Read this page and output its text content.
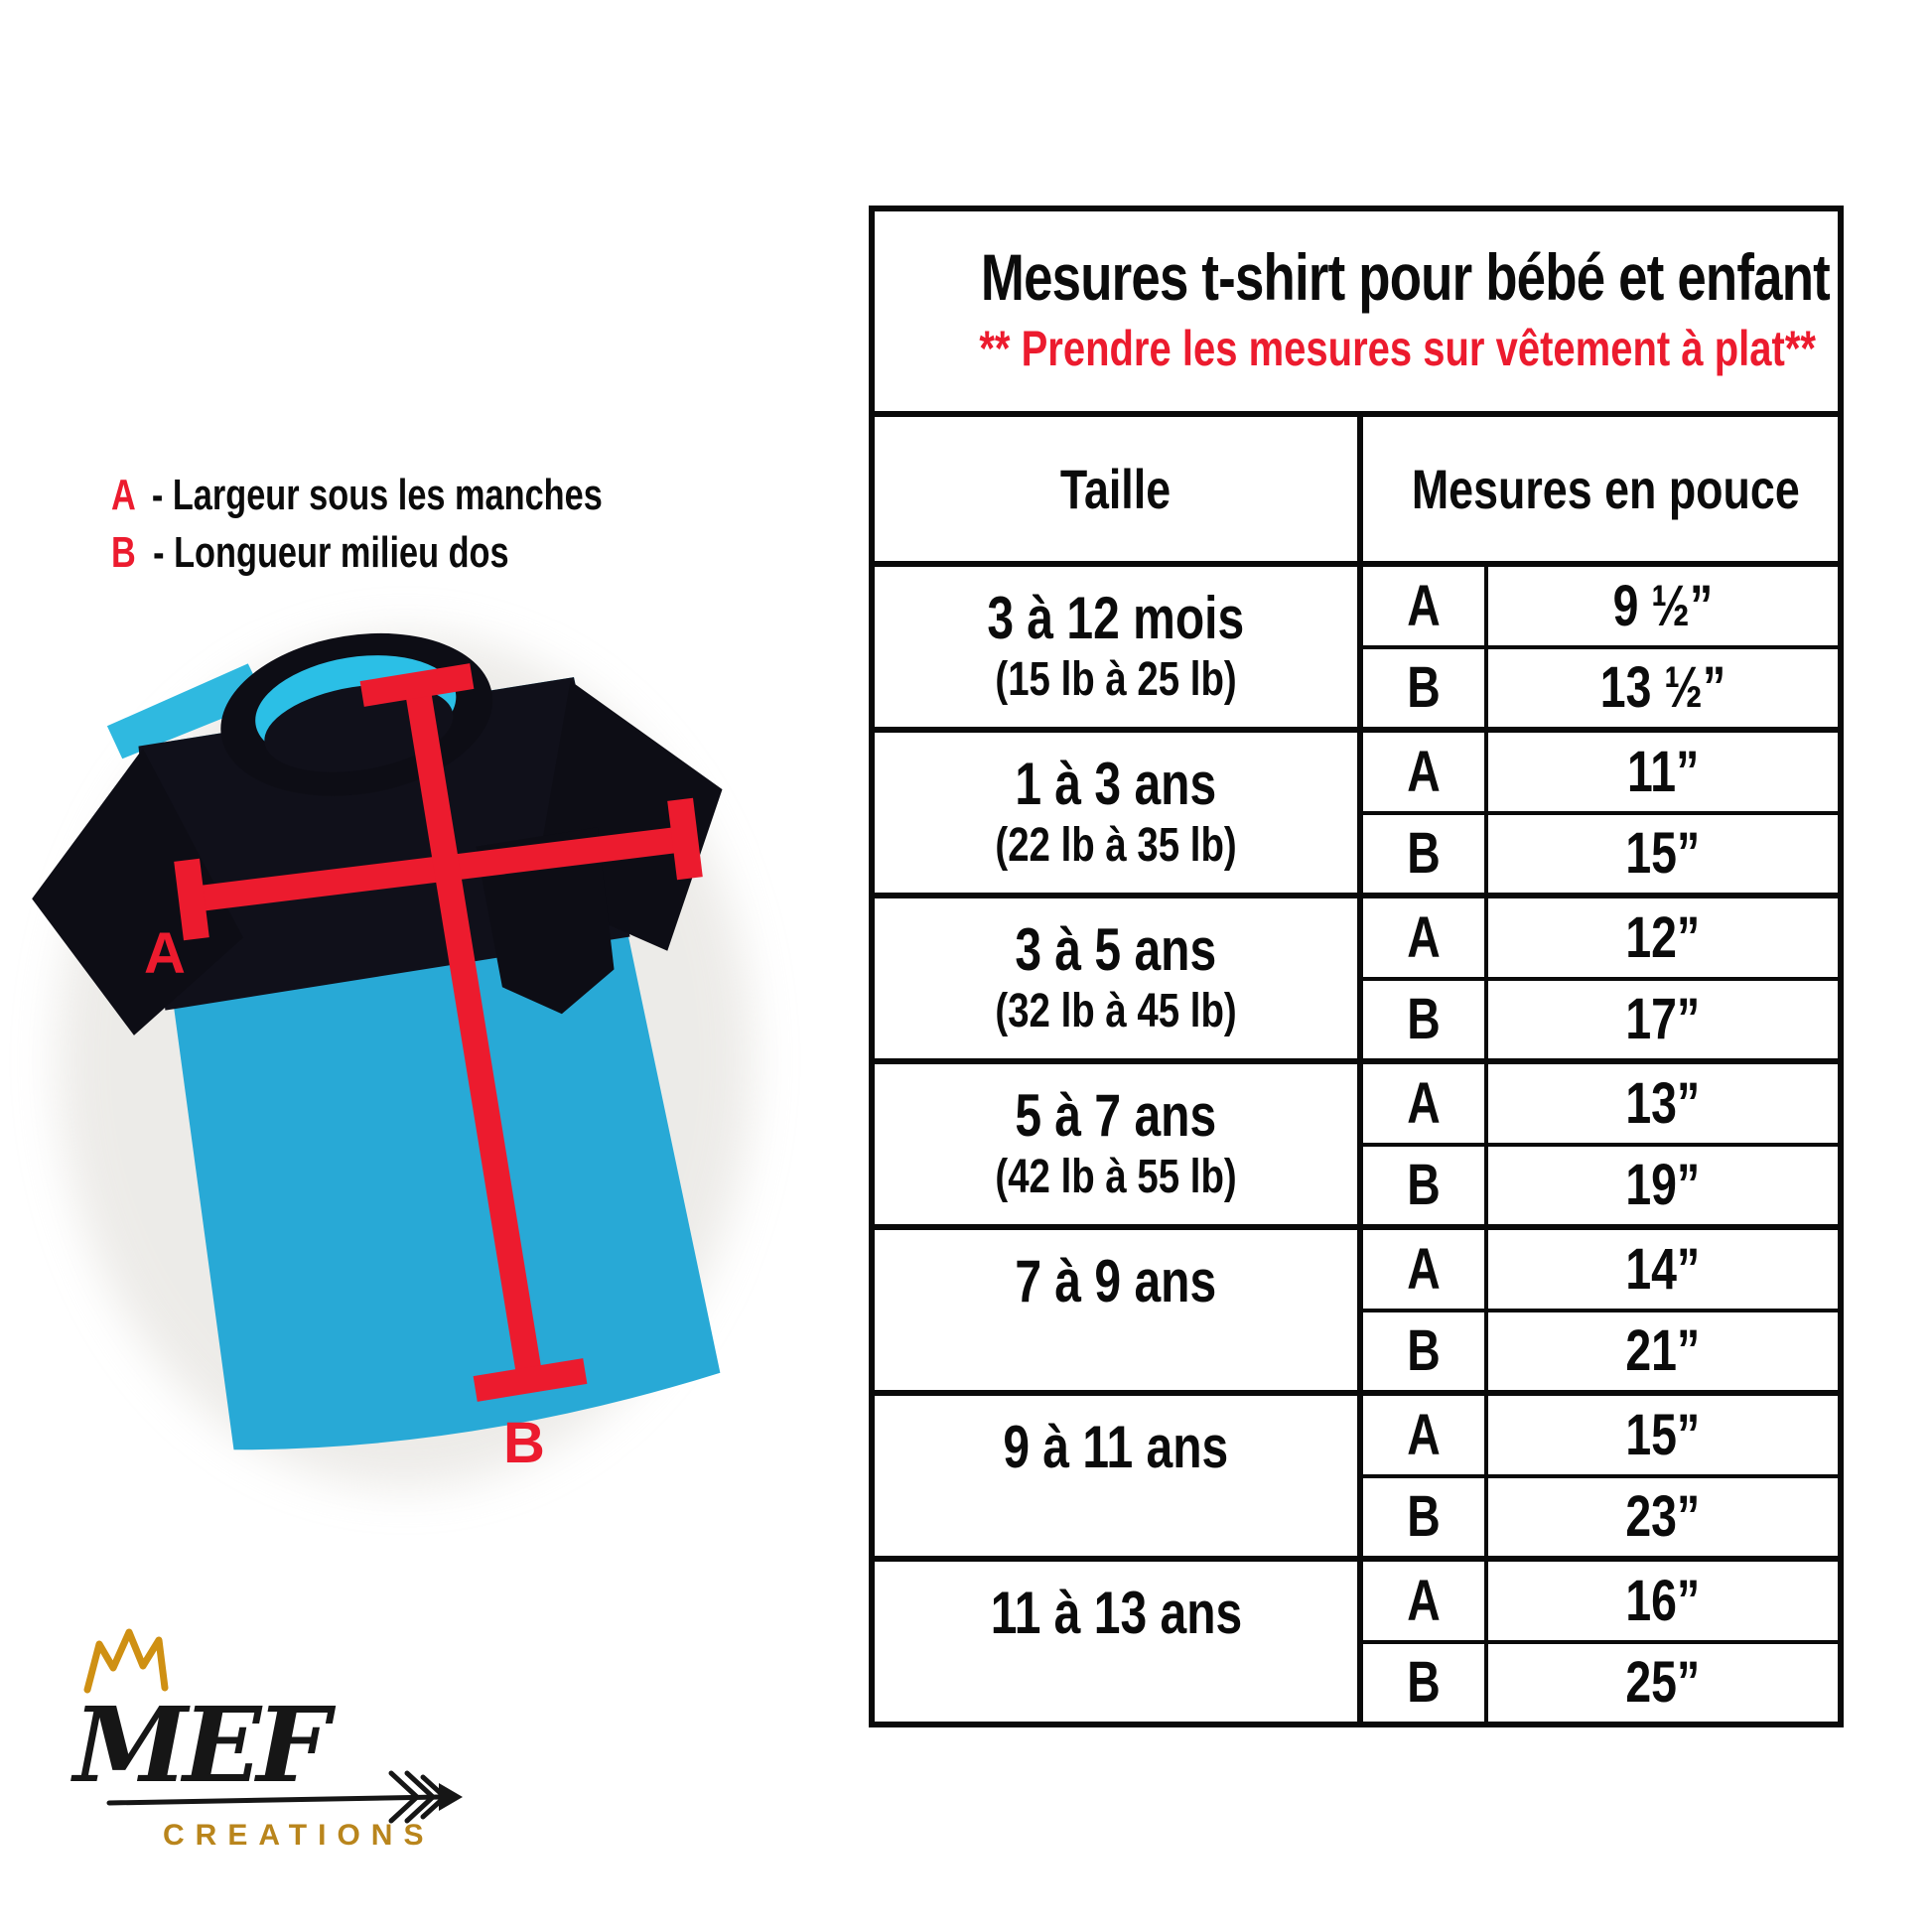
A - Largeur sous les manches
B - Longueur milieu dos
A
B
MEF
CREATIONS
Mesures t-shirt pour bébé et enfant
** Prendre les mesures sur vêtement à plat**
Taille	Mesures en pouce
3 à 12 mois
(15 lb à 25 lb)
A	9 ½”
B	13 ½”
1 à 3 ans
(22 lb à 35 lb)
A	11”
B	15”
3 à 5 ans
(32 lb à 45 lb)
A	12”
B	17”
5 à 7 ans
(42 lb à 55 lb)
A	13”
B	19”
7 à 9 ans	A	14”
B	21”
9 à 11 ans	A	15”
B	23”
11 à 13 ans	A	16”
B	25”
